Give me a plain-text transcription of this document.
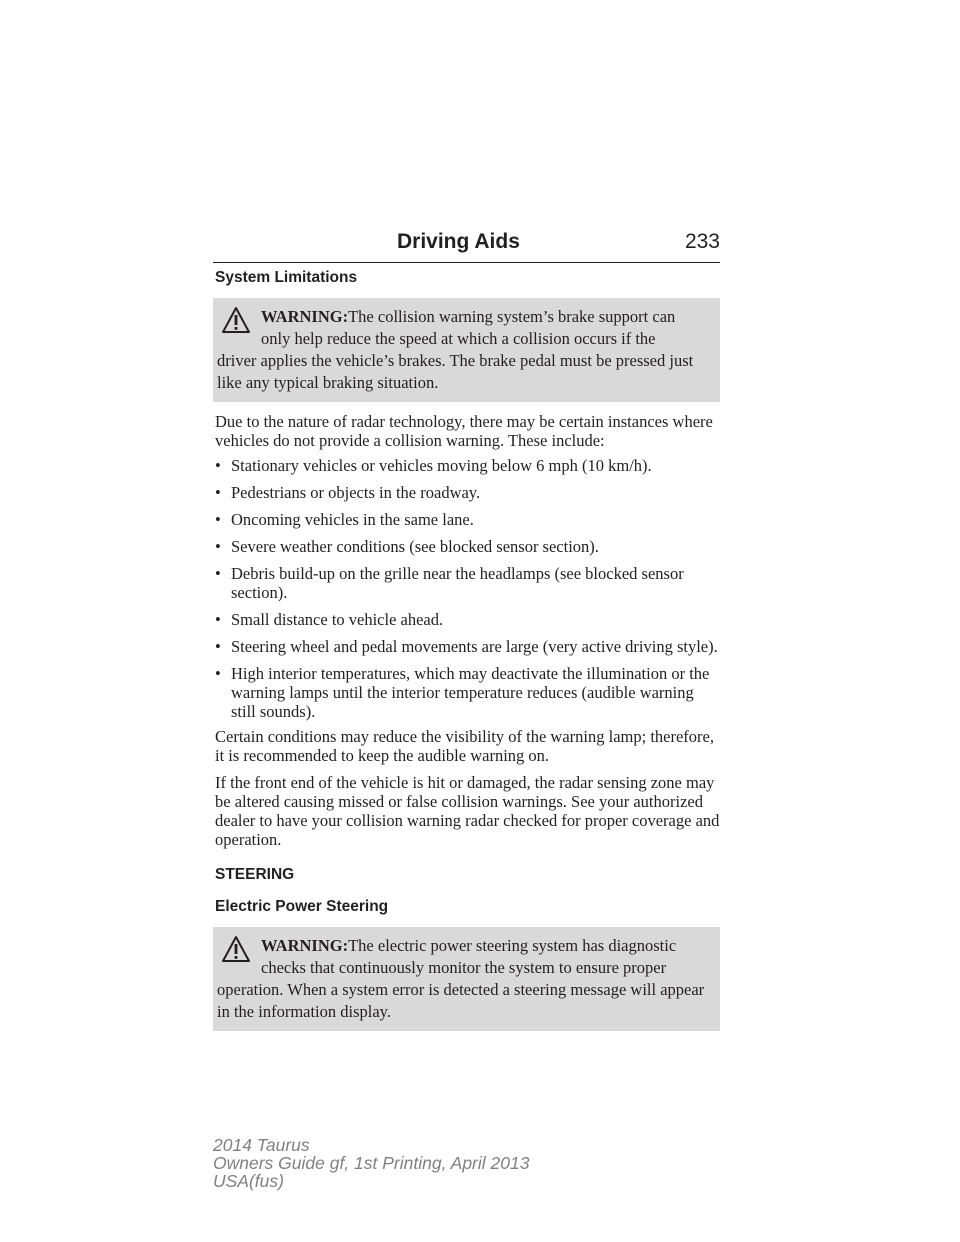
Driving Aids	233
System Limitations
WARNING:The collision warning system’s brake support can
only help reduce the speed at which a collision occurs if the
driver applies the vehicle’s brakes. The brake pedal must be pressed just like any typical braking situation.

Due to the nature of radar technology, there may be certain instances where vehicles do not provide a collision warning. These include:

• Stationary vehicles or vehicles moving below 6 mph (10 km/h).
• Pedestrians or objects in the roadway.
• Oncoming vehicles in the same lane.
• Severe weather conditions (see blocked sensor section).
• Debris build-up on the grille near the headlamps (see blocked sensor section).
• Small distance to vehicle ahead.
• Steering wheel and pedal movements are large (very active driving style).
• High interior temperatures, which may deactivate the illumination or the warning lamps until the interior temperature reduces (audible warning still sounds).

Certain conditions may reduce the visibility of the warning lamp; therefore, it is recommended to keep the audible warning on.

If the front end of the vehicle is hit or damaged, the radar sensing zone may be altered causing missed or false collision warnings. See your authorized dealer to have your collision warning radar checked for proper coverage and operation.

STEERING
Electric Power Steering
WARNING:The electric power steering system has diagnostic
checks that continuously monitor the system to ensure proper
operation. When a system error is detected a steering message will appear in the information display.
2014 Taurus
Owners Guide gf, 1st Printing, April 2013
USA(fus)
